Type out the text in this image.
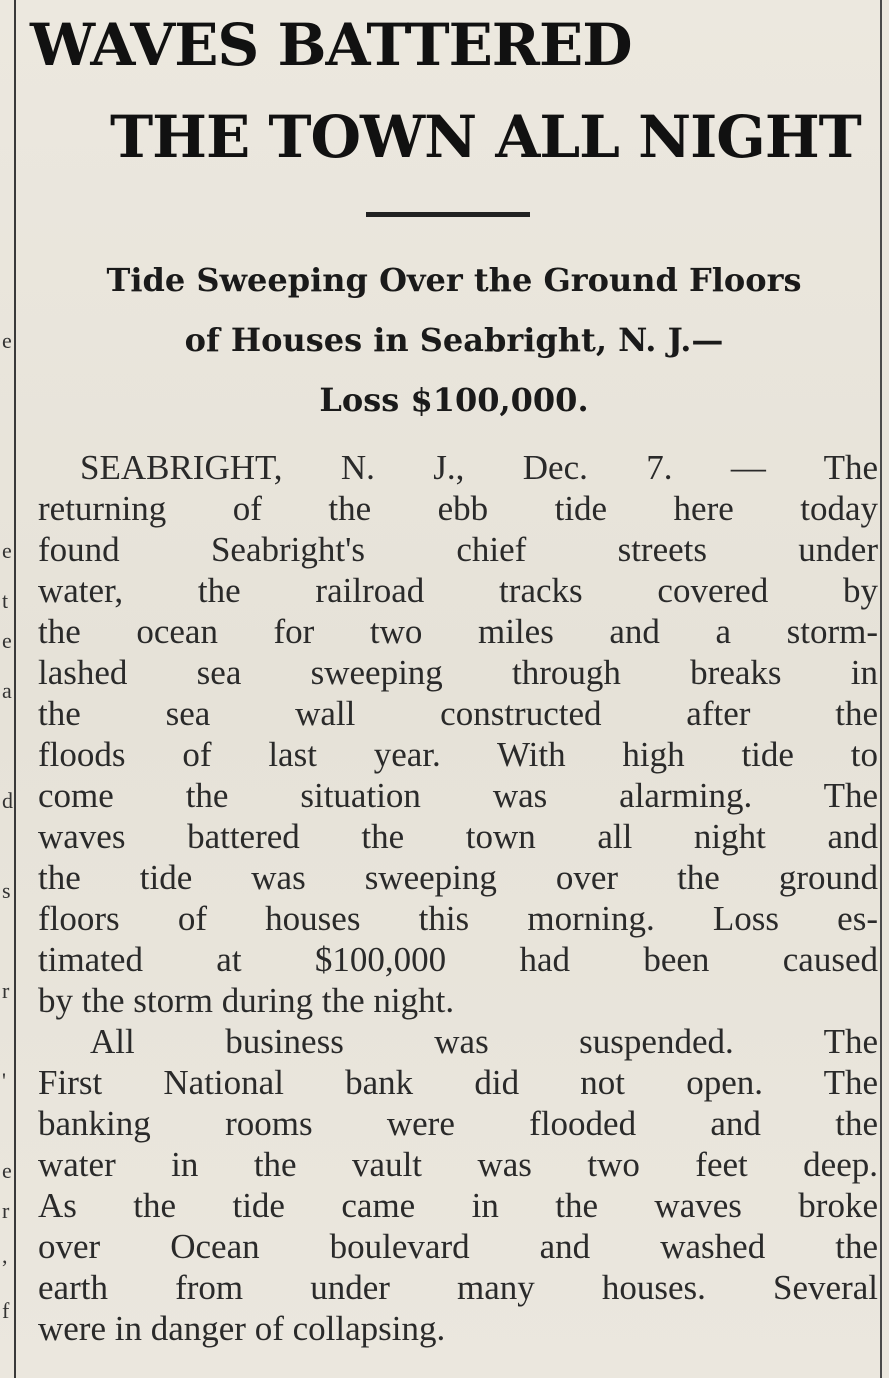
e
e
t
e
a
d
s
r
'
e
r
,
f
WAVES BATTERED
THE TOWN ALL NIGHT
Tide Sweeping Over the Ground Floors
of Houses in Seabright, N. J.—
Loss $100,000.
SEABRIGHT, N. J., Dec. 7. — The
returning of the ebb tide here today
found Seabright's chief streets under
water, the railroad tracks covered by
the ocean for two miles and a storm-
lashed sea sweeping through breaks in
the sea wall constructed after the
floods of last year. With high tide to
come the situation was alarming. The
waves battered the town all night and
the tide was sweeping over the ground
floors of houses this morning. Loss es-
timated at $100,000 had been caused
by the storm during the night.
All business was suspended. The
First National bank did not open. The
banking rooms were flooded and the
water in the vault was two feet deep.
As the tide came in the waves broke
over Ocean boulevard and washed the
earth from under many houses. Several
were in danger of collapsing.
